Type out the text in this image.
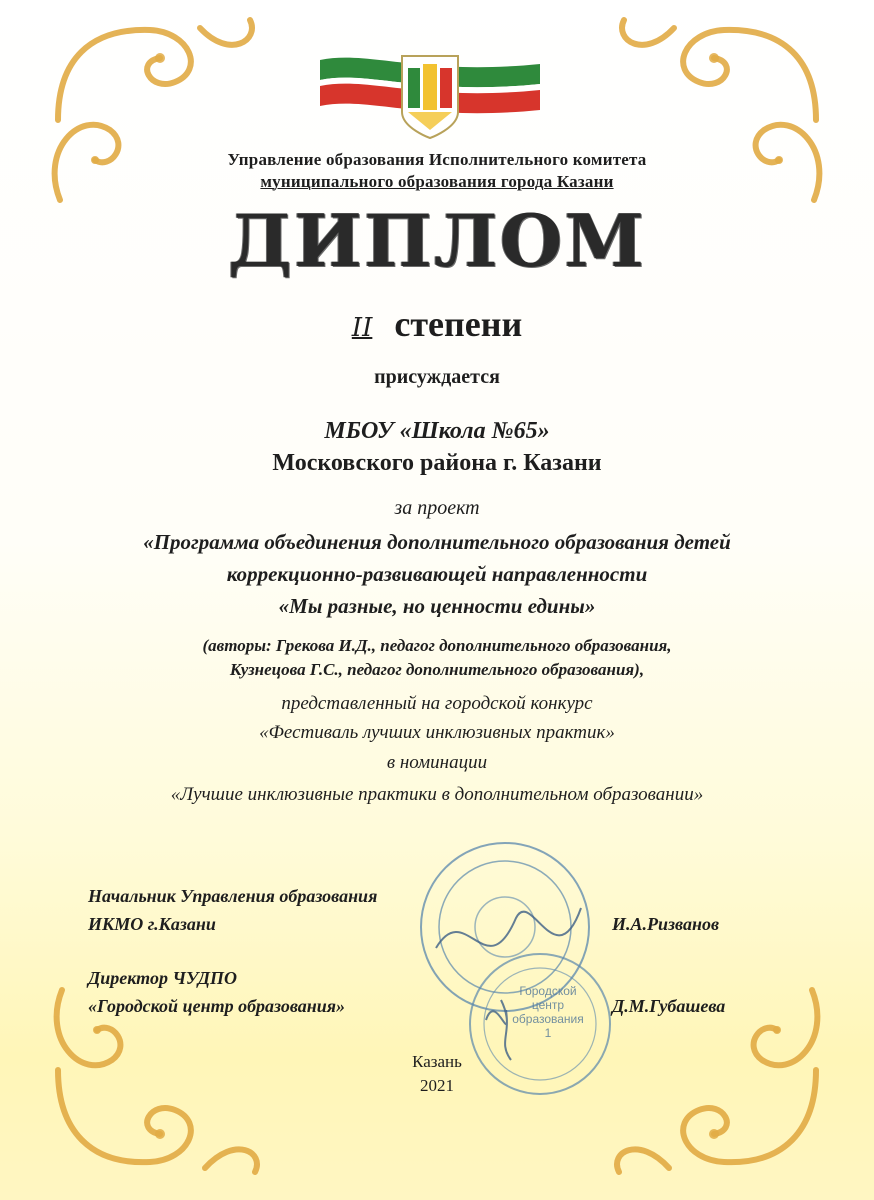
Управление образования Исполнительного комитета
муниципального образования города Казани
ДИПЛОМ
II степени
присуждается
МБОУ «Школа №65»
Московского района г. Казани
за проект
«Программа объединения дополнительного образования детей
коррекционно-развивающей направленности
«Мы разные, но ценности едины»
(авторы: Грекова И.Д., педагог дополнительного образования,
Кузнецова Г.С., педагог дополнительного образования),
представленный на городской конкурс
«Фестиваль лучших инклюзивных практик»
в номинации
«Лучшие инклюзивные практики в дополнительном образовании»
Городской
центр
образования
1
Начальник Управления образования
ИКМО г.Казани	И.А.Ризванов
Директор ЧУДПО
«Городской центр образования»	Д.М.Губашева
Казань
2021
